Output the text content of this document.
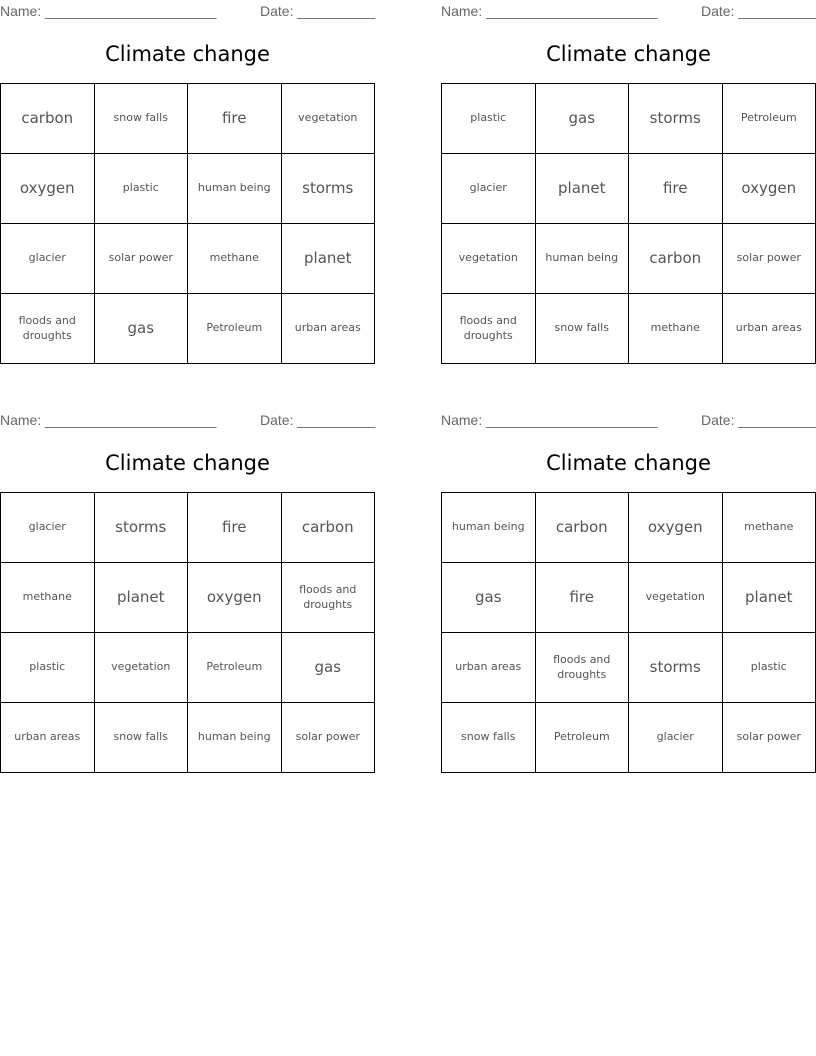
Name: ______________________	Date: __________
Climate change
carbon	snow falls	fire	vegetation
oxygen	plastic	human being	storms
glacier	solar power	methane	planet
floods and droughts	gas	Petroleum	urban areas
Name: ______________________	Date: __________
Climate change
plastic	gas	storms	Petroleum
glacier	planet	fire	oxygen
vegetation	human being	carbon	solar power
floods and droughts	snow falls	methane	urban areas
Name: ______________________	Date: __________
Climate change
glacier	storms	fire	carbon
methane	planet	oxygen	floods and droughts
plastic	vegetation	Petroleum	gas
urban areas	snow falls	human being	solar power
Name: ______________________	Date: __________
Climate change
human being	carbon	oxygen	methane
gas	fire	vegetation	planet
urban areas	floods and droughts	storms	plastic
snow falls	Petroleum	glacier	solar power
